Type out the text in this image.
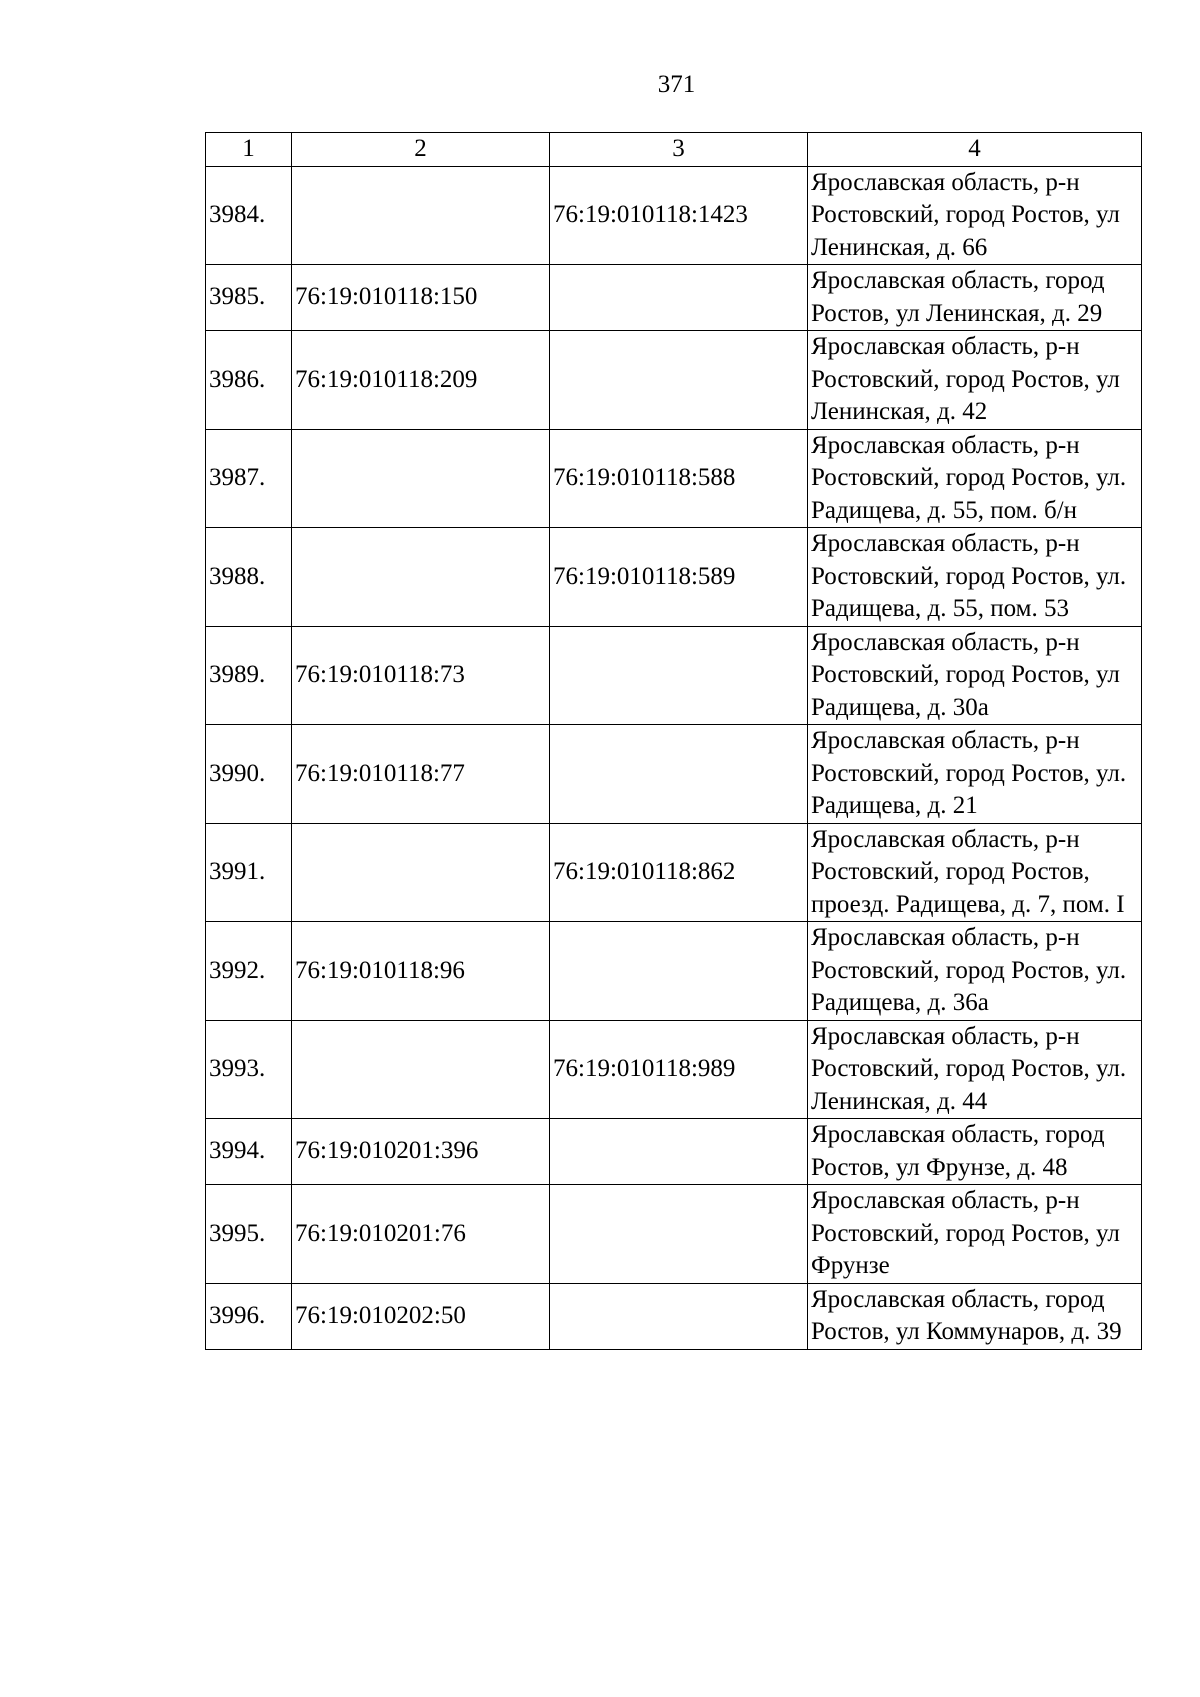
371
1	2	3	4
3984.		76:19:010118:1423	Ярославская область, р-н Ростовский, город Ростов, ул Ленинская, д. 66
3985.	76:19:010118:150		Ярославская область, город Ростов, ул Ленинская, д. 29
3986.	76:19:010118:209		Ярославская область, р-н Ростовский, город Ростов, ул Ленинская, д. 42
3987.		76:19:010118:588	Ярославская область, р-н Ростовский, город Ростов, ул. Радищева, д. 55, пом. б/н
3988.		76:19:010118:589	Ярославская область, р-н Ростовский, город Ростов, ул. Радищева, д. 55, пом. 53
3989.	76:19:010118:73		Ярославская область, р-н Ростовский, город Ростов, ул Радищева, д. 30а
3990.	76:19:010118:77		Ярославская область, р-н Ростовский, город Ростов, ул. Радищева, д. 21
3991.		76:19:010118:862	Ярославская область, р-н Ростовский, город Ростов, проезд. Радищева, д. 7, пом. I
3992.	76:19:010118:96		Ярославская область, р-н Ростовский, город Ростов, ул. Радищева, д. 36а
3993.		76:19:010118:989	Ярославская область, р-н Ростовский, город Ростов, ул. Ленинская, д. 44
3994.	76:19:010201:396		Ярославская область, город Ростов, ул Фрунзе, д. 48
3995.	76:19:010201:76		Ярославская область, р-н Ростовский, город Ростов, ул Фрунзе
3996.	76:19:010202:50		Ярославская область, город Ростов, ул Коммунаров, д. 39
